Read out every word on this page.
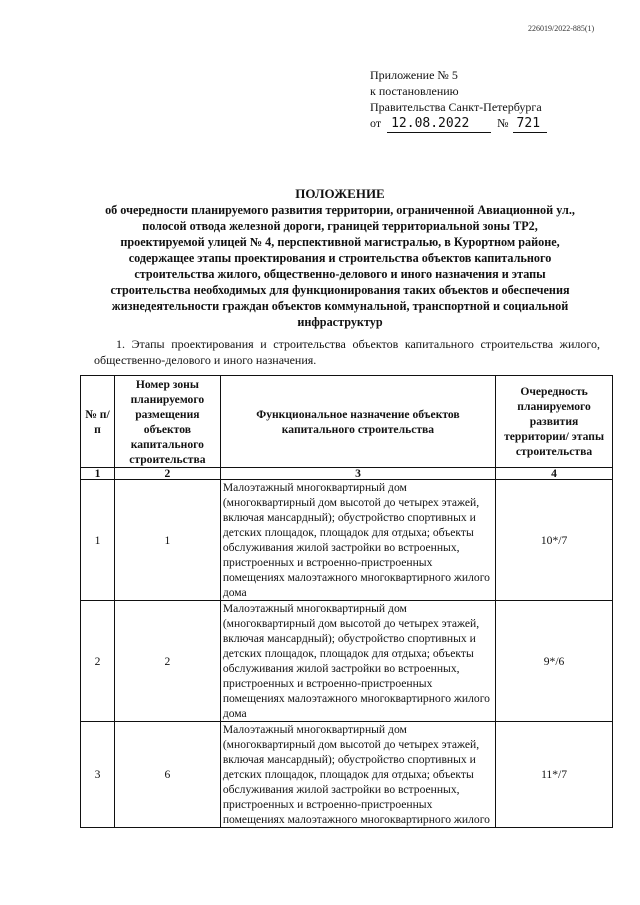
226019/2022-885(1)
Приложение № 5
к постановлению
Правительства Санкт-Петербурга
от 12.08.2022 № 721
ПОЛОЖЕНИЕ
об очередности планируемого развития территории, ограниченной Авиационной ул.,
полосой отвода железной дороги, границей территориальной зоны ТР2,
проектируемой улицей № 4, перспективной магистралью, в Курортном районе,
содержащее этапы проектирования и строительства объектов капитального
строительства жилого, общественно-делового и иного назначения и этапы
строительства необходимых для функционирования таких объектов и обеспечения
жизнедеятельности граждан объектов коммунальной, транспортной и социальной
инфраструктур
1. Этапы проектирования и строительства объектов капитального строительства жилого, общественно-делового и иного назначения.
№ п/п	Номер зоны планируемого размещения объектов капитального строительства	Функциональное назначение объектов капитального строительства	Очередность планируемого развития территории/ этапы строительства
1	2	3	4
1	1	Малоэтажный многоквартирный дом (многоквартирный дом высотой до четырех этажей, включая мансардный); обустройство спортивных и детских площадок, площадок для отдыха; объекты обслуживания жилой застройки во встроенных, пристроенных и встроенно-пристроенных помещениях малоэтажного многоквартирного жилого дома	10*/7
2	2	Малоэтажный многоквартирный дом (многоквартирный дом высотой до четырех этажей, включая мансардный); обустройство спортивных и детских площадок, площадок для отдыха; объекты обслуживания жилой застройки во встроенных, пристроенных и встроенно-пристроенных помещениях малоэтажного многоквартирного жилого дома	9*/6
3	6	Малоэтажный многоквартирный дом (многоквартирный дом высотой до четырех этажей, включая мансардный); обустройство спортивных и детских площадок, площадок для отдыха; объекты обслуживания жилой застройки во встроенных, пристроенных и встроенно-пристроенных помещениях малоэтажного многоквартирного жилого	11*/7
